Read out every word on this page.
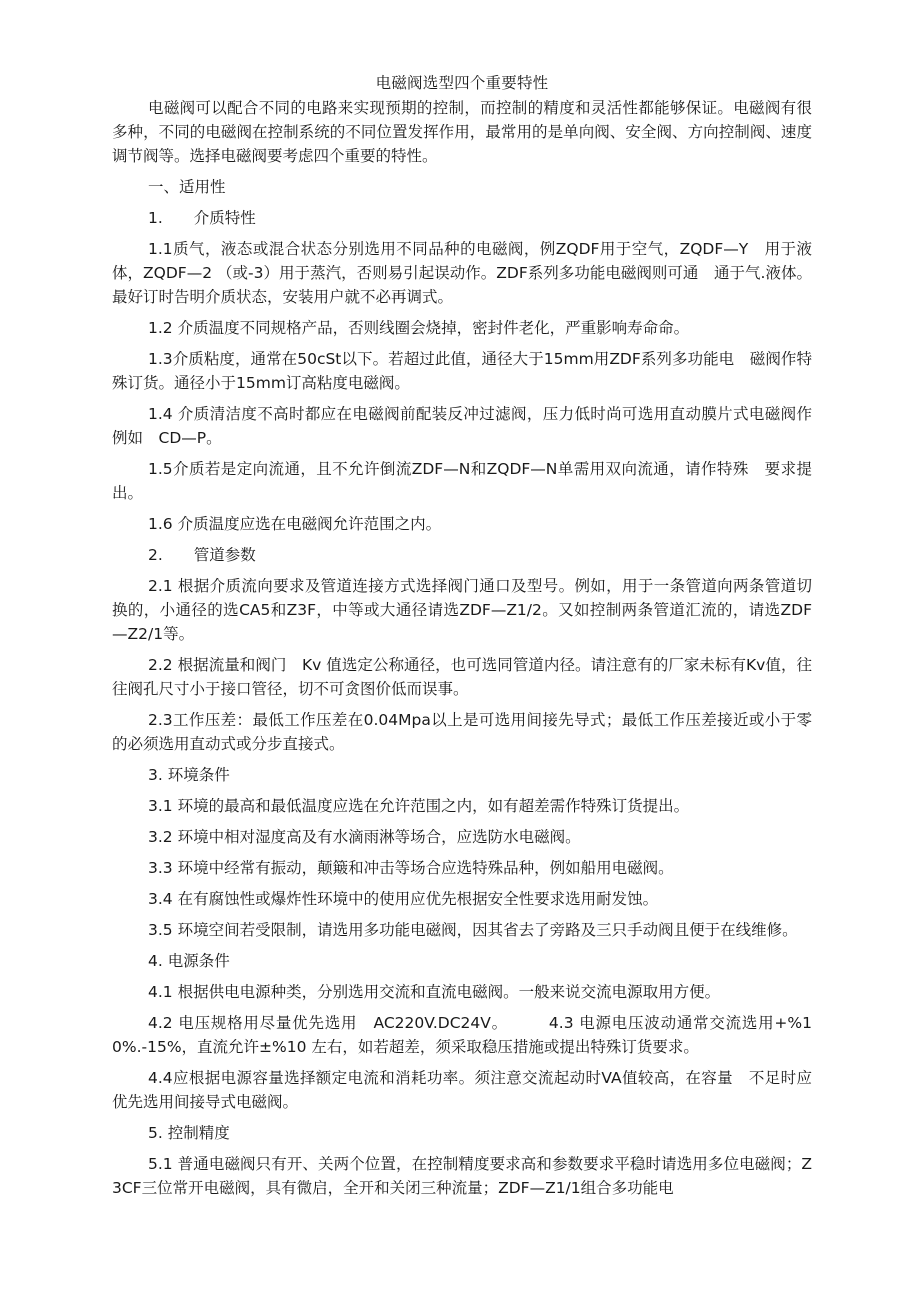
电磁阀选型四个重要特性
电磁阀可以配合不同的电路来实现预期的控制，而控制的精度和灵活性都能够保证。电磁阀有很多种，不同的电磁阀在控制系统的不同位置发挥作用，最常用的是单向阀、安全阀、方向控制阀、速度调节阀等。选择电磁阀要考虑四个重要的特性。
一、适用性
1.　　介质特性
1.1质气，液态或混合状态分别选用不同品种的电磁阀，例ZQDF用于空气，ZQDF—Y　用于液体，ZQDF—2 （或-3）用于蒸汽，否则易引起误动作。ZDF系列多功能电磁阀则可通　通于气.液体。最好订时告明介质状态，安装用户就不必再调式。
1.2 介质温度不同规格产品，否则线圈会烧掉，密封件老化，严重影响寿命命。
1.3介质粘度，通常在50cSt以下。若超过此值，通径大于15mm用ZDF系列多功能电　磁阀作特殊订货。通径小于15mm订高粘度电磁阀。
1.4 介质清洁度不高时都应在电磁阀前配装反冲过滤阀，压力低时尚可选用直动膜片式电磁阀作例如　CD—P。
1.5介质若是定向流通，且不允许倒流ZDF—N和ZQDF—N单需用双向流通，请作特殊　要求提出。
1.6 介质温度应选在电磁阀允许范围之内。
2.　　管道参数
2.1 根据介质流向要求及管道连接方式选择阀门通口及型号。例如，用于一条管道向两条管道切换的，小通径的选CA5和Z3F，中等或大通径请选ZDF—Z1/2。又如控制两条管道汇流的，请选ZDF—Z2/1等。
2.2 根据流量和阀门　Kv 值选定公称通径，也可选同管道内径。请注意有的厂家未标有Kv值，往往阀孔尺寸小于接口管径，切不可贪图价低而误事。
2.3工作压差：最低工作压差在0.04Mpa以上是可选用间接先导式；最低工作压差接近或小于零的必须选用直动式或分步直接式。
3. 环境条件
3.1 环境的最高和最低温度应选在允许范围之内，如有超差需作特殊订货提出。
3.2 环境中相对湿度高及有水滴雨淋等场合，应选防水电磁阀。
3.3 环境中经常有振动，颠簸和冲击等场合应选特殊品种，例如船用电磁阀。
3.4 在有腐蚀性或爆炸性环境中的使用应优先根据安全性要求选用耐发蚀。
3.5 环境空间若受限制，请选用多功能电磁阀，因其省去了旁路及三只手动阀且便于在线维修。
4. 电源条件
4.1 根据供电电源种类，分别选用交流和直流电磁阀。一般来说交流电源取用方便。
4.2 电压规格用尽量优先选用　AC220V.DC24V。　　　4.3 电源电压波动通常交流选用+%10%.-15%，直流允许±%10 左右，如若超差，须采取稳压措施或提出特殊订货要求。
4.4应根据电源容量选择额定电流和消耗功率。须注意交流起动时VA值较高，在容量　不足时应优先选用间接导式电磁阀。
5. 控制精度
5.1 普通电磁阀只有开、关两个位置，在控制精度要求高和参数要求平稳时请选用多位电磁阀；Z3CF三位常开电磁阀，具有微启，全开和关闭三种流量；ZDF—Z1/1组合多功能电
